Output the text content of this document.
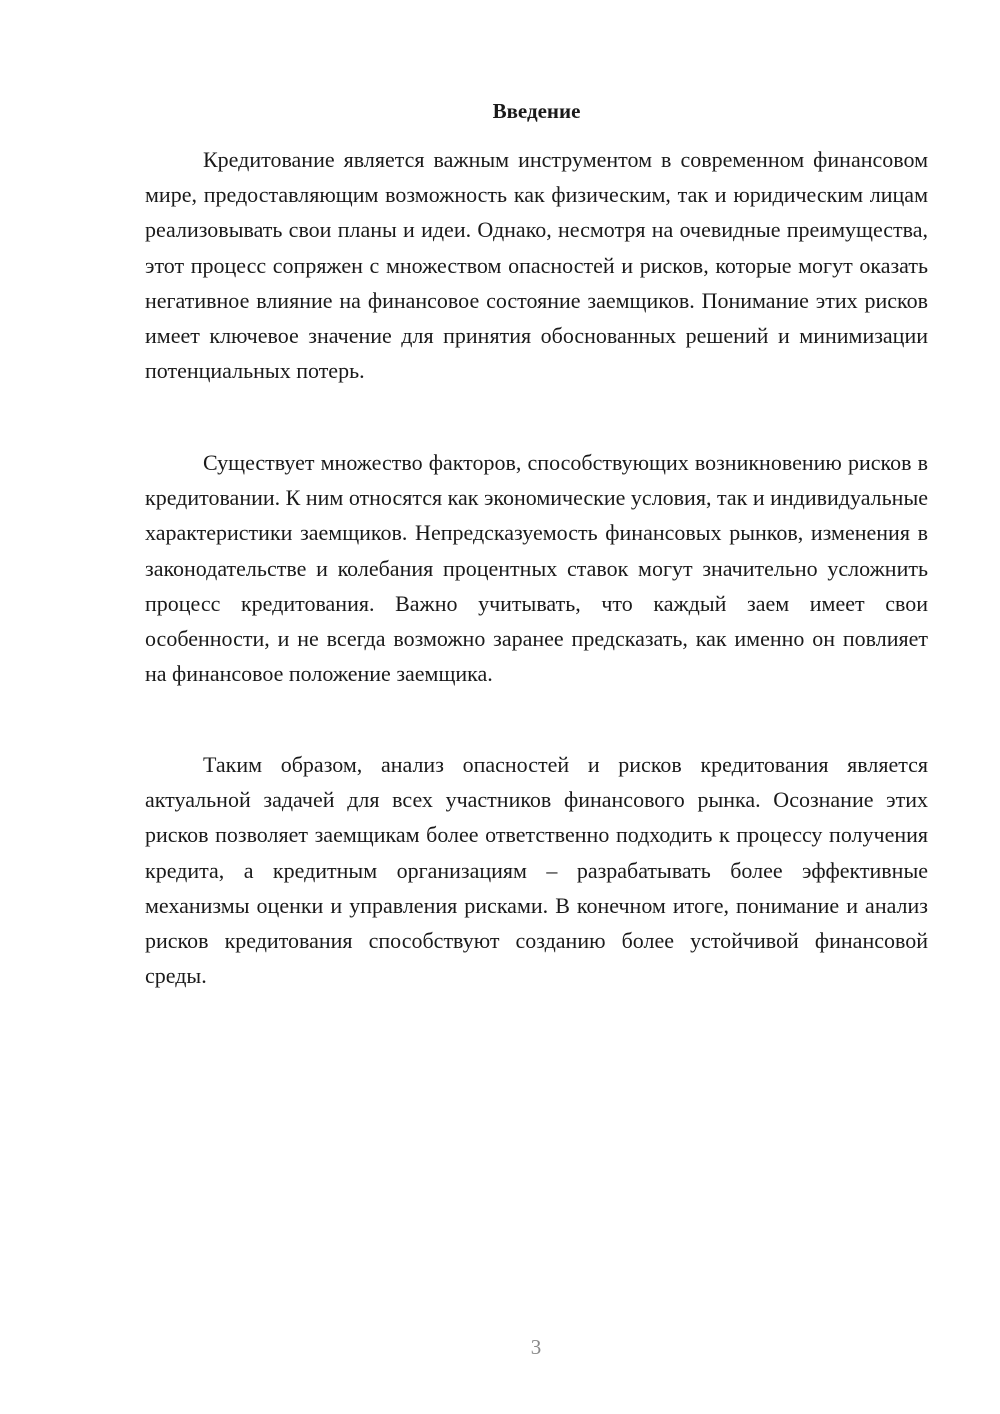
Введение

Кредитование является важным инструментом в современном финансовом мире, предоставляющим возможность как физическим, так и юридическим лицам реализовывать свои планы и идеи. Однако, несмотря на очевидные преимущества, этот процесс сопряжен с множеством опасностей и рисков, которые могут оказать негативное влияние на финансовое состояние заемщиков. Понимание этих рисков имеет ключевое значение для принятия обоснованных решений и минимизации потенциальных потерь.

Существует множество факторов, способствующих возникновению рисков в кредитовании. К ним относятся как экономические условия, так и индивидуальные характеристики заемщиков. Непредсказуемость финансовых рынков, изменения в законодательстве и колебания процентных ставок могут значительно усложнить процесс кредитования. Важно учитывать, что каждый заем имеет свои особенности, и не всегда возможно заранее предсказать, как именно он повлияет на финансовое положение заемщика.

Таким образом, анализ опасностей и рисков кредитования является актуальной задачей для всех участников финансового рынка. Осознание этих рисков позволяет заемщикам более ответственно подходить к процессу получения кредита, а кредитным организациям – разрабатывать более эффективные механизмы оценки и управления рисками. В конечном итоге, понимание и анализ рисков кредитования способствуют созданию более устойчивой финансовой среды.

3
